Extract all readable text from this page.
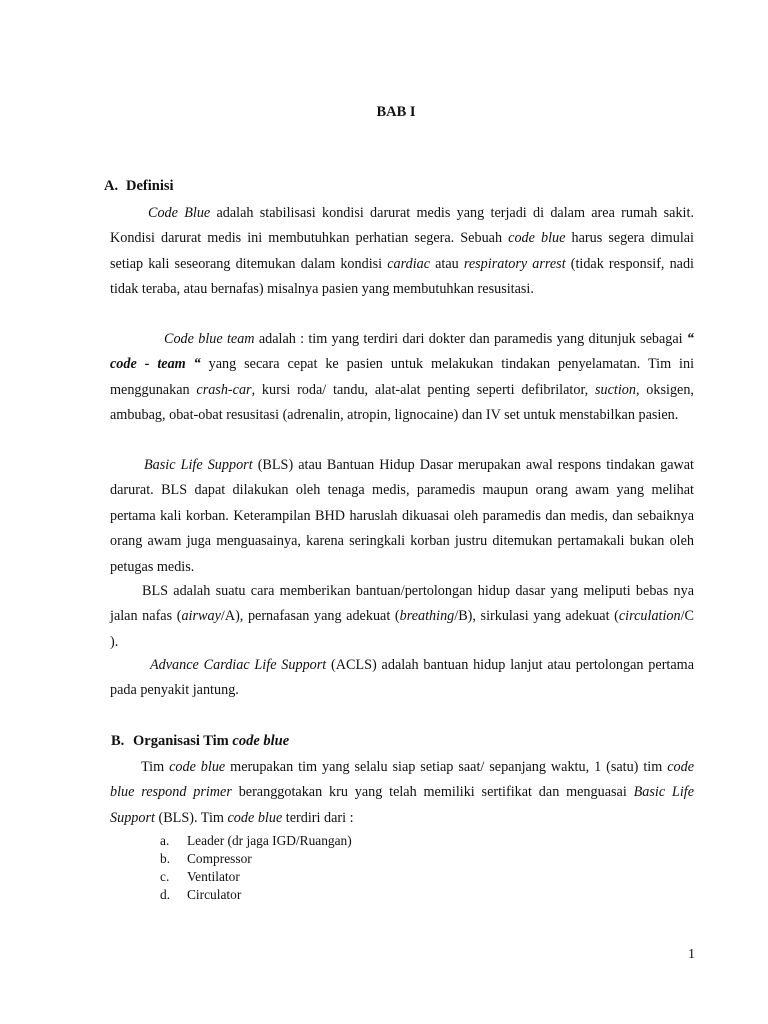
BAB I
A. Definisi

Code Blue adalah stabilisasi kondisi darurat medis yang terjadi di dalam area rumah sakit. Kondisi darurat medis ini membutuhkan perhatian segera. Sebuah code blue harus segera dimulai setiap kali seseorang ditemukan dalam kondisi cardiac atau respiratory arrest (tidak responsif, nadi tidak teraba, atau bernafas) misalnya pasien yang membutuhkan resusitasi.

Code blue team adalah : tim yang terdiri dari dokter dan paramedis yang ditunjuk sebagai “ code - team “ yang secara cepat ke pasien untuk melakukan tindakan penyelamatan. Tim ini menggunakan crash-car, kursi roda/ tandu, alat-alat penting seperti defibrilator, suction, oksigen, ambubag, obat-obat resusitasi (adrenalin, atropin, lignocaine) dan IV set untuk menstabilkan pasien.

Basic Life Support (BLS) atau Bantuan Hidup Dasar merupakan awal respons tindakan gawat darurat. BLS dapat dilakukan oleh tenaga medis, paramedis maupun orang awam yang melihat pertama kali korban. Keterampilan BHD haruslah dikuasai oleh paramedis dan medis, dan sebaiknya orang awam juga menguasainya, karena seringkali korban justru ditemukan pertamakali bukan oleh petugas medis.

BLS adalah suatu cara memberikan bantuan/pertolongan hidup dasar yang meliputi bebas nya jalan nafas (airway/A), pernafasan yang adekuat (breathing/B), sirkulasi yang adekuat (circulation/C ).

Advance Cardiac Life Support (ACLS) adalah bantuan hidup lanjut atau pertolongan pertama pada penyakit jantung.

B. Organisasi Tim code blue

Tim code blue merupakan tim yang selalu siap setiap saat/ sepanjang waktu, 1 (satu) tim code blue respond primer beranggotakan kru yang telah memiliki sertifikat dan menguasai Basic Life Support (BLS). Tim code blue terdiri dari :

a.	Leader (dr jaga IGD/Ruangan)
b.	Compressor
c.	Ventilator
d.	Circulator
1
